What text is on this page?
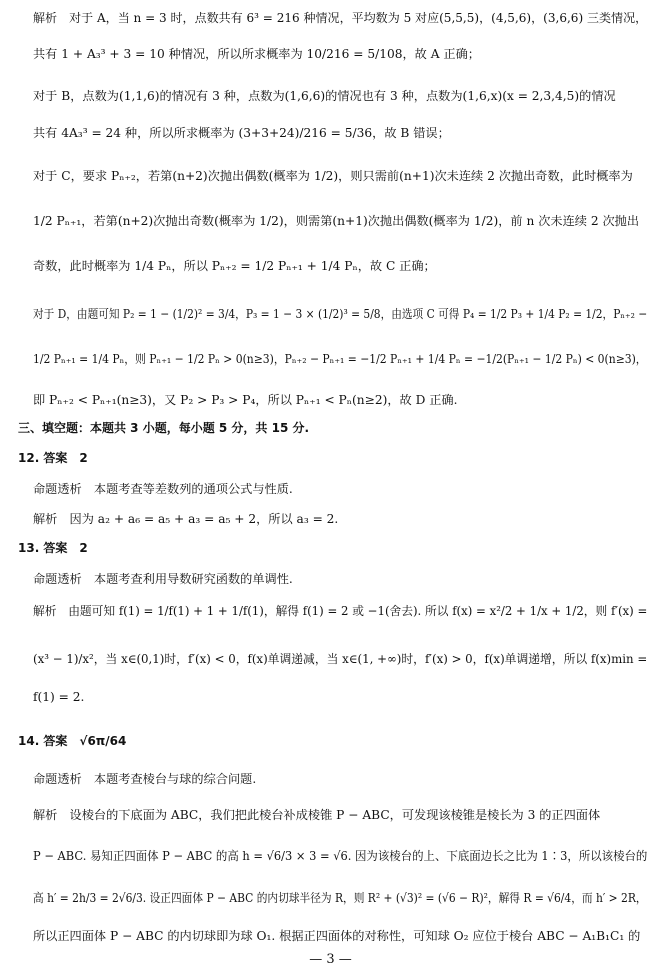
解析　对于 A，当 n = 3 时，点数共有 6³ = 216 种情况，平均数为 5 对应(5,5,5)，(4,5,6)，(3,6,6) 三类情况，
共有 1 + A₃³ + 3 = 10 种情况，所以所求概率为 10/216 = 5/108，故 A 正确；
对于 B，点数为(1,1,6)的情况有 3 种，点数为(1,6,6)的情况也有 3 种，点数为(1,6,x)(x = 2,3,4,5)的情况
共有 4A₃³ = 24 种，所以所求概率为 (3+3+24)/216 = 5/36，故 B 错误；
对于 C，要求 Pₙ₊₂，若第(n+2)次抛出偶数(概率为 1/2)，则只需前(n+1)次未连续 2 次抛出奇数，此时概率为
1/2 Pₙ₊₁，若第(n+2)次抛出奇数(概率为 1/2)，则需第(n+1)次抛出偶数(概率为 1/2)，前 n 次未连续 2 次抛出
奇数，此时概率为 1/4 Pₙ，所以 Pₙ₊₂ = 1/2 Pₙ₊₁ + 1/4 Pₙ，故 C 正确；
对于 D，由题可知 P₂ = 1 − (1/2)² = 3/4，P₃ = 1 − 3 × (1/2)³ = 5/8，由选项 C 可得 P₄ = 1/2 P₃ + 1/4 P₂ = 1/2，Pₙ₊₂ −
1/2 Pₙ₊₁ = 1/4 Pₙ，则 Pₙ₊₁ − 1/2 Pₙ > 0(n≥3)，Pₙ₊₂ − Pₙ₊₁ = −1/2 Pₙ₊₁ + 1/4 Pₙ = −1/2(Pₙ₊₁ − 1/2 Pₙ) < 0(n≥3)，
即 Pₙ₊₂ < Pₙ₊₁(n≥3)，又 P₂ > P₃ > P₄，所以 Pₙ₊₁ < Pₙ(n≥2)，故 D 正确.
三、填空题：本题共 3 小题，每小题 5 分，共 15 分.
12. 答案　2
命题透析　本题考查等差数列的通项公式与性质.
解析　因为 a₂ + a₆ = a₅ + a₃ = a₅ + 2，所以 a₃ = 2.
13. 答案　2
命题透析　本题考查利用导数研究函数的单调性.
解析　由题可知 f(1) = 1/f(1) + 1 + 1/f(1)，解得 f(1) = 2 或 −1(舍去). 所以 f(x) = x²/2 + 1/x + 1/2，则 f′(x) =
(x³ − 1)/x²，当 x∈(0,1)时，f′(x) < 0，f(x)单调递减，当 x∈(1, +∞)时，f′(x) > 0，f(x)单调递增，所以 f(x)min =
f(1) = 2.
14. 答案　√6π/64
命题透析　本题考查棱台与球的综合问题.
解析　设棱台的下底面为 ABC，我们把此棱台补成棱锥 P − ABC，可发现该棱锥是棱长为 3 的正四面体
P − ABC. 易知正四面体 P − ABC 的高 h = √6/3 × 3 = √6. 因为该棱台的上、下底面边长之比为 1∶3，所以该棱台的
高 h′ = 2h/3 = 2√6/3. 设正四面体 P − ABC 的内切球半径为 R，则 R² + (√3)² = (√6 − R)²，解得 R = √6/4，而 h′ > 2R，
所以正四面体 P − ABC 的内切球即为球 O₁. 根据正四面体的对称性，可知球 O₂ 应位于棱台 ABC − A₁B₁C₁ 的
— 3 —
